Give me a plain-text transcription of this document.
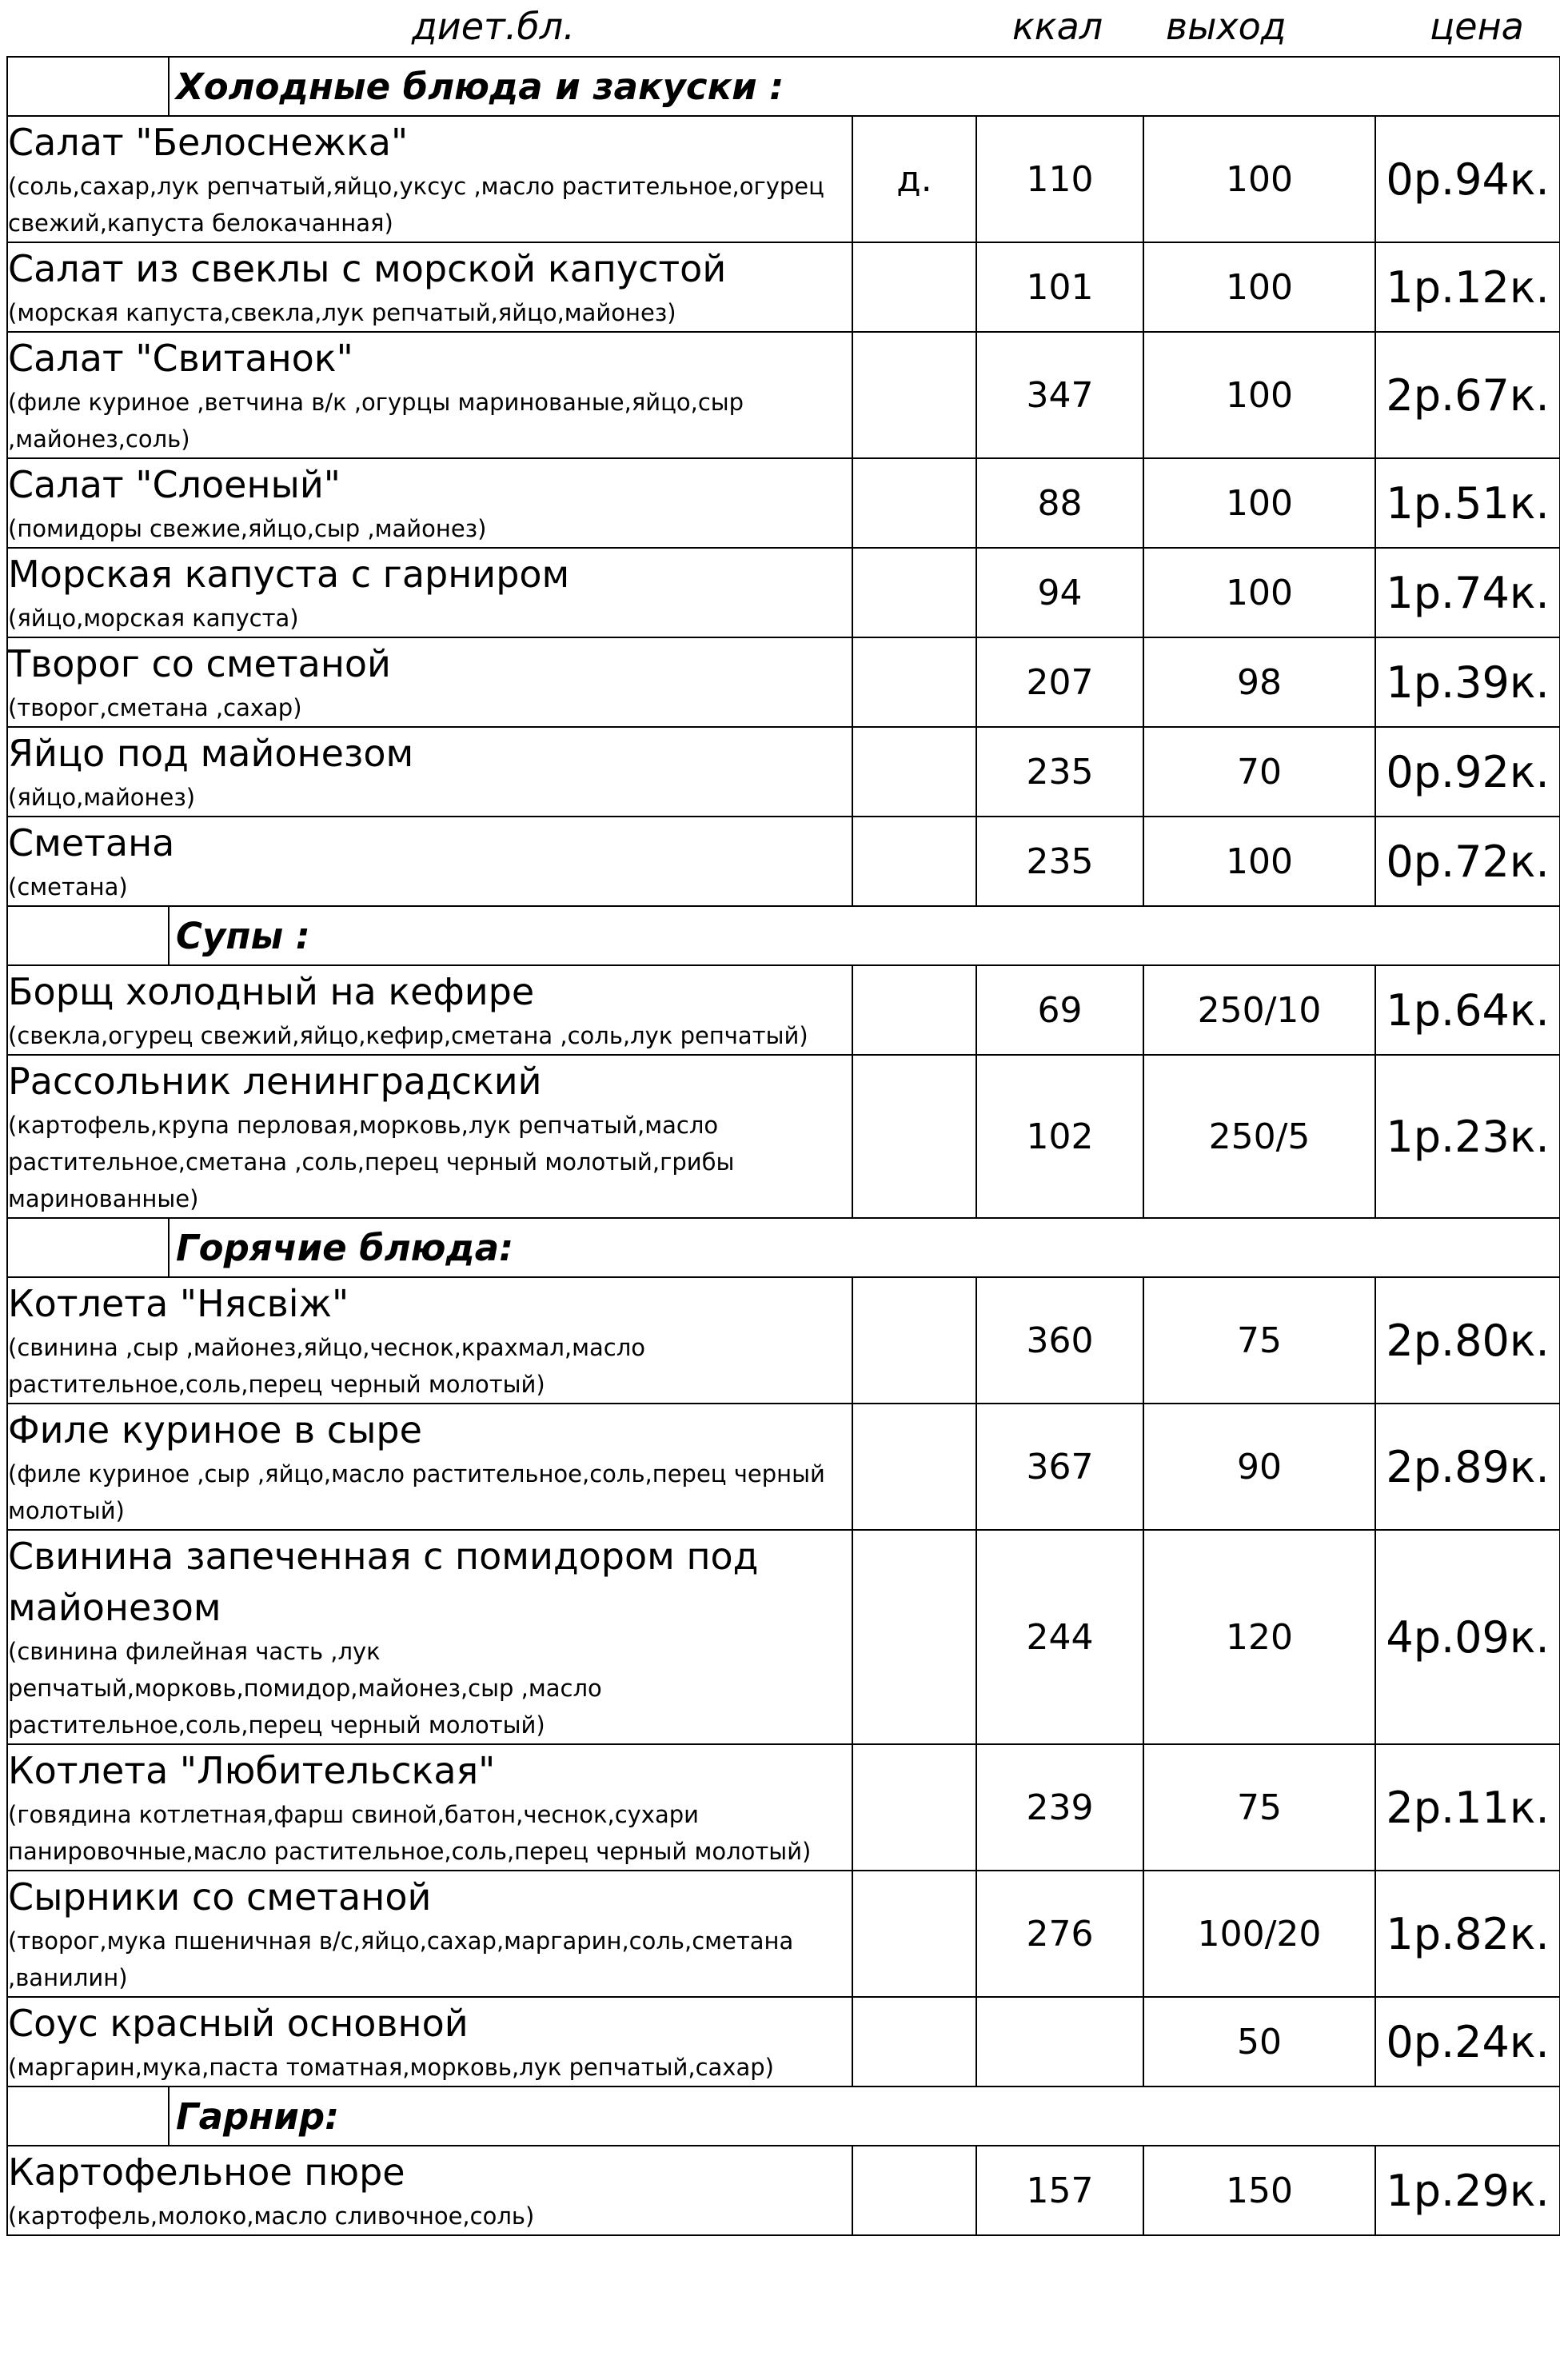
диет.бл.	ккал выход	цена
Холодные блюда и закуски :				

Салат "Белоснежка"
(соль,сахар,лук репчатый,яйцо,уксус ,масло растительное,огурец свежий,капуста белокачанная)	д.	110	100	0р.94к.

Салат из свеклы с морской капустой
(морская капуста,свекла,лук репчатый,яйцо,майонез)		101	100	1р.12к.

Салат "Свитанок"
(филе куриное ,ветчина в/к ,огурцы маринованые,яйцо,сыр ,майонез,соль)		347	100	2р.67к.

Салат "Слоеный"
(помидоры свежие,яйцо,сыр ,майонез)		88	100	1р.51к.

Морская капуста с гарниром
(яйцо,морская капуста)		94	100	1р.74к.

Творог со сметаной
(творог,сметана ,сахар)		207	98	1р.39к.

Яйцо под майонезом
(яйцо,майонез)		235	70	0р.92к.

Сметана
(сметана)		235	100	0р.72к.

Супы :				

Борщ холодный на кефире
(свекла,огурец свежий,яйцо,кефир,сметана ,соль,лук репчатый)		69	250/10	1р.64к.

Рассольник ленинградский
(картофель,крупа перловая,морковь,лук репчатый,масло растительное,сметана ,соль,перец черный молотый,грибы маринованные)		102	250/5	1р.23к.

Горячие блюда:				

Котлета "Нясвіж"
(свинина ,сыр ,майонез,яйцо,чеснок,крахмал,масло растительное,соль,перец черный молотый)		360	75	2р.80к.

Филе куриное в сыре
(филе куриное ,сыр ,яйцо,масло растительное,соль,перец черный молотый)		367	90	2р.89к.

Свинина запеченная с помидором под майонезом
(свинина филейная часть ,лук репчатый,морковь,помидор,майонез,сыр ,масло растительное,соль,перец черный молотый)		244	120	4р.09к.

Котлета "Любительская"
(говядина котлетная,фарш свиной,батон,чеснок,сухари панировочные,масло растительное,соль,перец черный молотый)		239	75	2р.11к.

Сырники со сметаной
(творог,мука пшеничная в/с,яйцо,сахар,маргарин,соль,сметана ,ванилин)		276	100/20	1р.82к.

Соус красный основной
(маргарин,мука,паста томатная,морковь,лук репчатый,сахар)			50	0р.24к.

Гарнир:				

Картофельное пюре
(картофель,молоко,масло сливочное,соль)		157	150	1р.29к.
